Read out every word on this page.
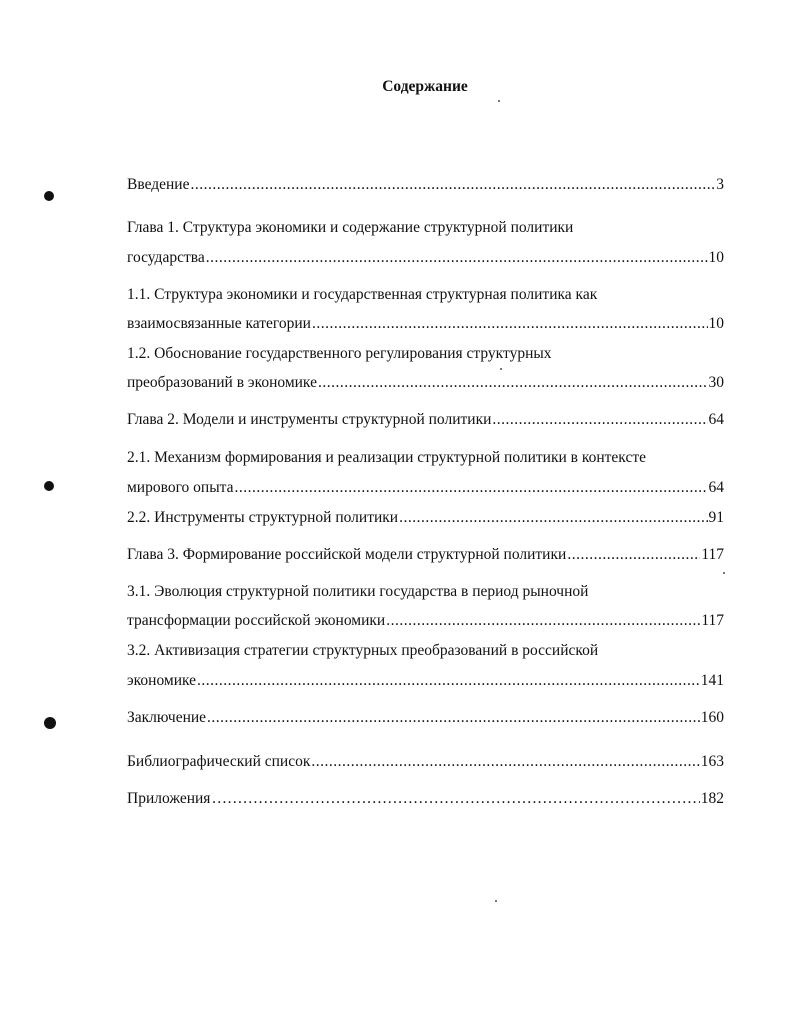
Содержание
Введение .....	3
Глава 1. Структура экономики и содержание структурной политики
государства .....	10
1.1. Структура экономики и государственная структурная политика как
взаимосвязанные категории .....	10
1.2. Обоснование государственного регулирования структурных
преобразований в экономике .....	30
Глава 2. Модели и инструменты структурной политики .....	64
2.1. Механизм формирования и реализации структурной политики в контексте
мирового опыта .....	64
2.2. Инструменты структурной политики .....	91
Глава 3. Формирование российской модели структурной политики .....	117
3.1. Эволюция структурной политики государства в период рыночной
трансформации российской экономики .....	117
3.2. Активизация стратегии структурных преобразований в российской
экономике .....	141
Заключение .....	160
Библиографический список .....	163
Приложения …………………………………………………………………………………………………………………………………………………………………………………	182
